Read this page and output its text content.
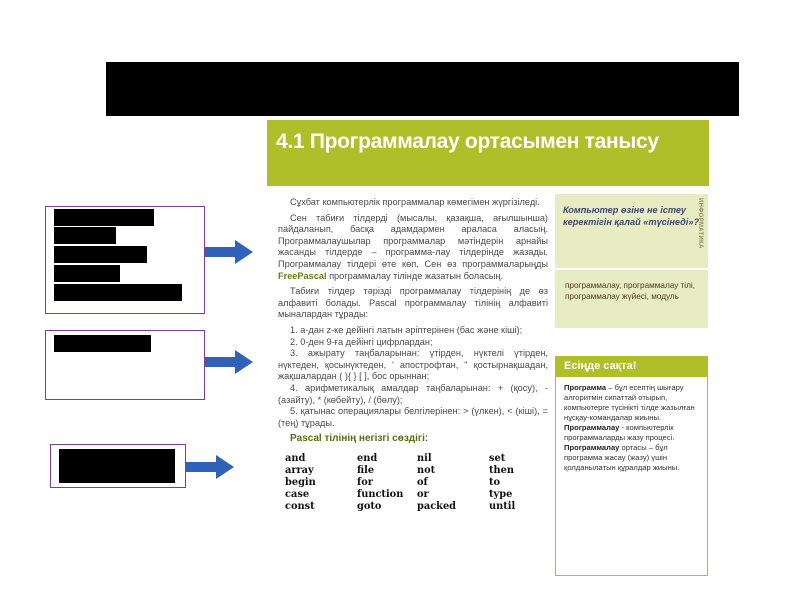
4.1 Программалау ортасымен танысу

Сұхбат компьютерлік программалар көмегімен жүргізіледі.

Сен табиғи тілдерді (мысалы, қазақша, ағылшынша) пайдаланып, басқа адамдармен араласа аласың. Программалаушылар программалар мәтіндерін арнайы жасанды тілдерде – программа-лау тілдерінде жазады. Программалау тілдері өте көп. Сен өз программаларыңды FreePascal программалау тілінде жазатын боласың.

Табиғи тілдер тәрізді программалау тілдерінің де өз алфавиті болады. Pascal программалау тілінің алфавиті мыналардан тұрады:

1. a-дан z-ке дейінгі латын әріптерінен (бас және кіші);
2. 0-ден 9-ға дейінгі цифрлардан;
3. ажырату таңбаларынан: үтірден, нүктелі үтірден, нүктеден, қосынүктеден, ' апострофтан, " қостырнақшадан, жақшалардан ( ){ } [ ], бос орыннан;
4. арифметикалық амалдар таңбаларынан: + (қосу), - (азайту), * (көбейту), / (бөлу);
5. қатынас операциялары белгілерінен: > (үлкен), < (кіші), = (тең) тұрады.
Pascal тілінің негізгі сөздігі:
and	end	nil	set
array	file	not	then
begin	for	of	to
case	function	or	type
const	goto	packed	until
Компьютер өзіне не істеу керектігін қалай «түсінеді»?
программалау, программалау тілі, программалау жүйесі, модуль
ИНФОРМАТИКА
Есіңде сақта!
Программа – бұл есептің шығару алгоритмін сипаттай отырып, компьютерге түсінікті тілде жазылған нұсқау-командалар жиыны.
Программалау - компьютерлік программаларды жазу процесі.
Программалау ортасы – бұл программа жасау (жазу) үшін қолданылатын құралдар жиыны.
